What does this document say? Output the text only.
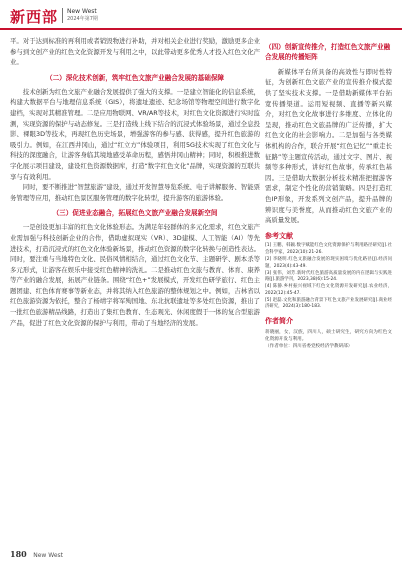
新西部 New West
2024年第7期

平。对于达到标准的再利用或者销毁物进行补助，并对相关企业进行奖励，激励更多企业参与到文创产业的红色文化资源开发与利用之中，以此带动更多优秀人才投入红色文化产业。

（二）深化技术创新，筑牢红色文旅产业融合发展的基础保障

技术创新为红色文旅产业融合发展提供了强大的支撑。一是建立智能化的信息系统，构建大数据平台与地理信息系统（GIS），将遗址遗迹、纪念场馆等物理空间进行数字化建档，实现对其精准管理。二是应用物联网、VR/AR等技术，对红色文化资源进行实时监测，实现资源的保护与动态修复。三是打造线上线下结合的沉浸式体验场景，通过全息投影、裸眼3D等技术，再现红色历史场景，增强游客的参与感、获得感，提升红色旅游的吸引力。例如，在江西井冈山，通过“红立方”体验项目，利用5G技术实现了红色文化与科技的深度融合，让游客身临其境地感受革命历程，感悟井冈山精神；同时，积极推进数字化展示项目建设，建设红色资源数据库，打造“数字红色文化”品牌，实现资源的互联共享与有效利用。

同时，要不断推进“智慧旅游”建设，通过开发智慧导览系统、电子讲解服务、智能票务管理等应用，推动红色景区服务管理的数字化转型，提升游客的旅游体验。

（三）促进业态融合，拓展红色文旅产业融合发展新空间

一是创设更加丰富的红色文化体验形态。为满足年轻群体的多元化需求，红色文旅产业需加强与科技创新企业的合作，借助虚拟现实（VR）、3D建模、人工智能（AI）等先进技术，打造沉浸式的红色文化体验新场景，推动红色资源的数字化转换与创造性表达。同时，要注重与当地特色文化、民俗风情相结合，通过红色文化节、主题研学、剧本杀等多元形式，让游客在娱乐中接受红色精神的洗礼。二是推动红色文旅与教育、体育、康养等产业的融合发展，拓展产业链条。围绕“红色+”发展模式，开发红色研学旅行、红色主题团建、红色体育赛事等新业态，并将其纳入红色旅游的整体规划之中。例如，吉林省以红色旅游资源为依托，整合了杨靖宇将军殉国地、东北抗联遗址等多处红色资源，推出了一批红色旅游精品线路，打造出了集红色教育、生态观光、休闲度假于一体的复合型旅游产品，促进了红色文化资源的保护与利用，带动了当地经济的发展。

（四）创新宣传推介，打造红色文旅产业融合发展的传播矩阵

新媒体平台所具备的高效性与即时性特征，为创新红色文旅产业的宣传推介模式提供了坚实技术支撑。一是借助新媒体平台拓宽传播渠道。运用短视频、直播等新兴媒介，对红色文化故事进行多维度、立体化的呈现，推动红色文旅品牌的广泛传播，扩大红色文化的社会影响力。二是加强与各类媒体机构的合作，联合开展“红色记忆”“重走长征路”等主题宣传活动，通过文字、图片、视频等多种形式，讲好红色故事，传承红色基因。三是借助大数据分析技术精准把握游客需求，制定个性化的营销策略。四是打造红色IP形象，开发系列文创产品，提升品牌的辨识度与美誉度，从而推动红色文旅产业的高质量发展。

参考文献

[1] 王鹏，韩颖.数字赋能红色文化资源保护与利用路径研究[J].社会科学家，2022(10):21-26.

[2] 李晓明.红色文旅融合发展的现实困境与优化路径[J].经济问题，2023(4):43-49.

[3] 张伟，刘芳.新时代红色旅游高质量发展的内在逻辑与实践进路[J].旅游学刊，2023,38(6):15-24.

[4] 陈静.乡村振兴视域下红色文化资源开发研究[J].农业经济，2022(12):45-47.

[5] 赵磊.文化和旅游融合背景下红色文旅产业发展研究[J].商业经济研究，2024(3):180-183.

作者简介

蒋晓丽，女，汉族，四川人，硕士研究生，研究方向为红色文化资源开发与利用。

（作者单位：四川省委党校经济学教研部）

180 New West
